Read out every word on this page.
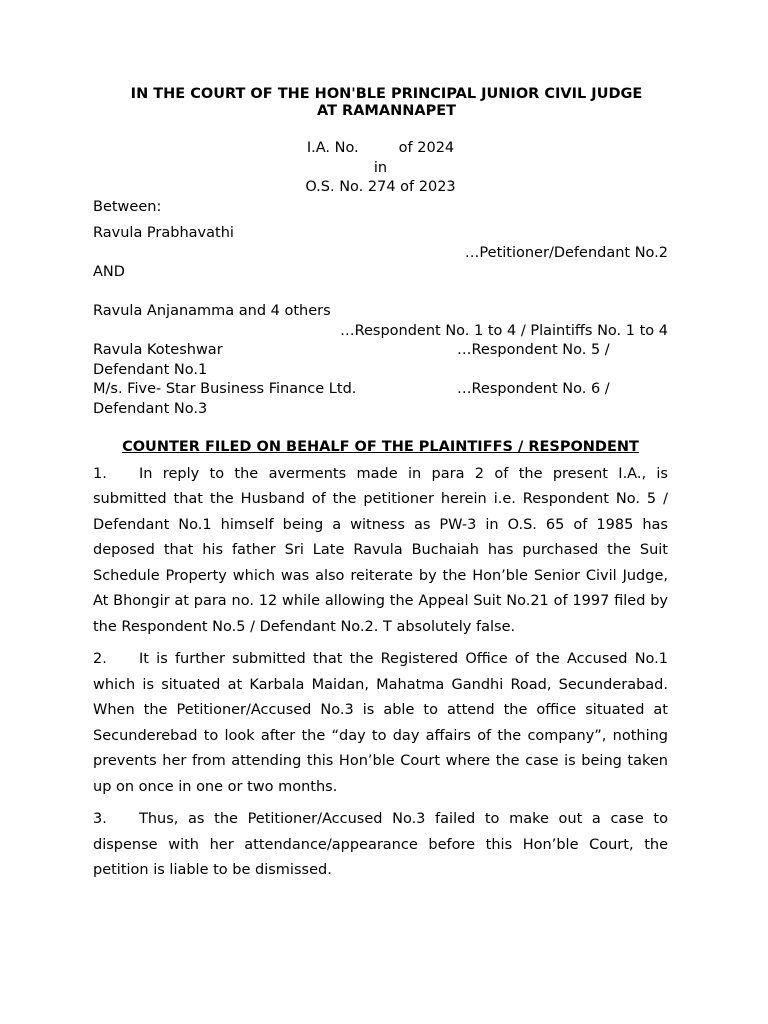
IN THE COURT OF THE HON'BLE PRINCIPAL JUNIOR CIVIL JUDGE
AT RAMANNAPET
I.A. No.	of 2024
in
O.S. No. 274 of 2023
Between:
Ravula Prabhavathi
…Petitioner/Defendant No.2
AND
Ravula Anjanamma and 4 others
…Respondent No. 1 to 4 / Plaintiffs No. 1 to 4
Ravula Koteshwar	…Respondent No. 5 /
Defendant No.1
M/s. Five- Star Business Finance Ltd.	…Respondent No. 6 /
Defendant No.3
COUNTER FILED ON BEHALF OF THE PLAINTIFFS / RESPONDENT
1. In reply to the averments made in para 2 of the present I.A., is submitted that the Husband of the petitioner herein i.e. Respondent No. 5 / Defendant No.1 himself being a witness as PW-3 in O.S. 65 of 1985 has deposed that his father Sri Late Ravula Buchaiah has purchased the Suit Schedule Property which was also reiterate by the Hon’ble Senior Civil Judge, At Bhongir at para no. 12 while allowing the Appeal Suit No.21 of 1997 filed by the Respondent No.5 / Defendant No.2. T absolutely false.
2. It is further submitted that the Registered Office of the Accused No.1 which is situated at Karbala Maidan, Mahatma Gandhi Road, Secunderabad. When the Petitioner/Accused No.3 is able to attend the office situated at Secunderebad to look after the “day to day affairs of the company”, nothing prevents her from attending this Hon’ble Court where the case is being taken up on once in one or two months.
3. Thus, as the Petitioner/Accused No.3 failed to make out a case to dispense with her attendance/appearance before this Hon’ble Court, the petition is liable to be dismissed.
